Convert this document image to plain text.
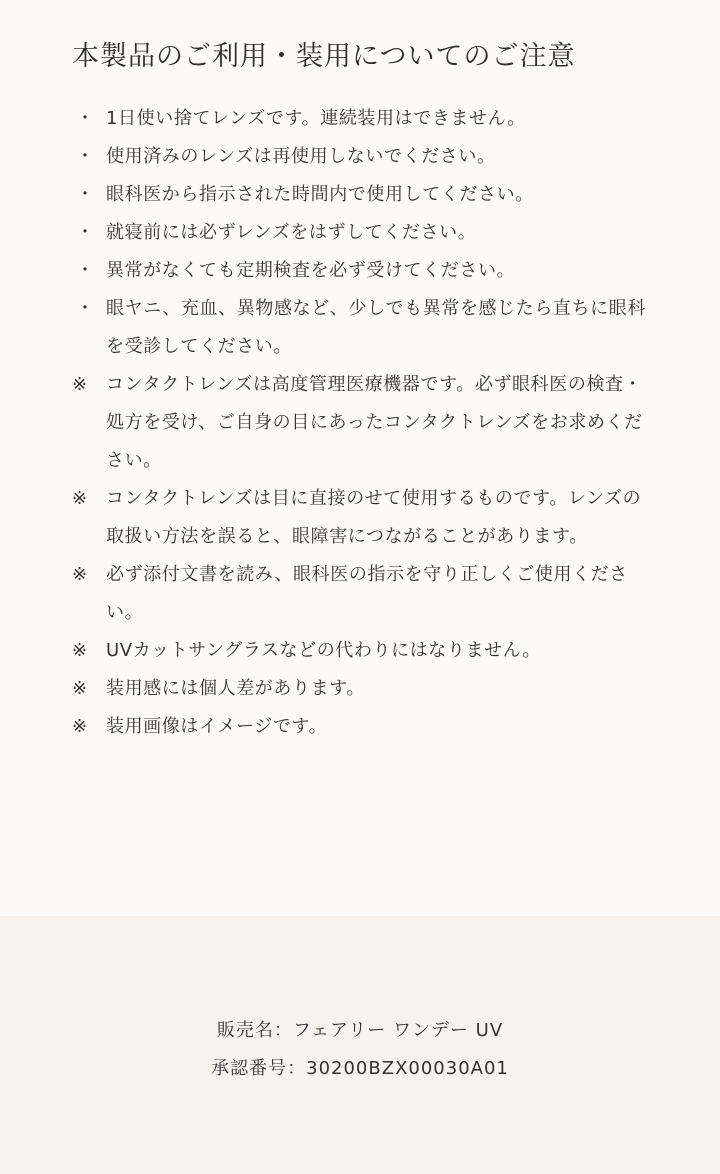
本製品のご利用・装用についてのご注意
・ 1日使い捨てレンズです。連続装用はできません。
・ 使用済みのレンズは再使用しないでください。
・ 眼科医から指示された時間内で使用してください。
・ 就寝前には必ずレンズをはずしてください。
・ 異常がなくても定期検査を必ず受けてください。
・ 眼ヤニ、充血、異物感など、少しでも異常を感じたら直ちに眼科を受診してください。
※	コンタクトレンズは高度管理医療機器です。必ず眼科医の検査・処方を受け、ご自身の目にあったコンタクトレンズをお求めください。
※	コンタクトレンズは目に直接のせて使用するものです。レンズの取扱い方法を誤ると、眼障害につながることがあります。
※	必ず添付文書を読み、眼科医の指示を守り正しくご使用ください。
※	UVカットサングラスなどの代わりにはなりません。
※	装用感には個人差があります。
※	装用画像はイメージです。
販売名：フェアリー ワンデー UV
承認番号：30200BZX00030A01
